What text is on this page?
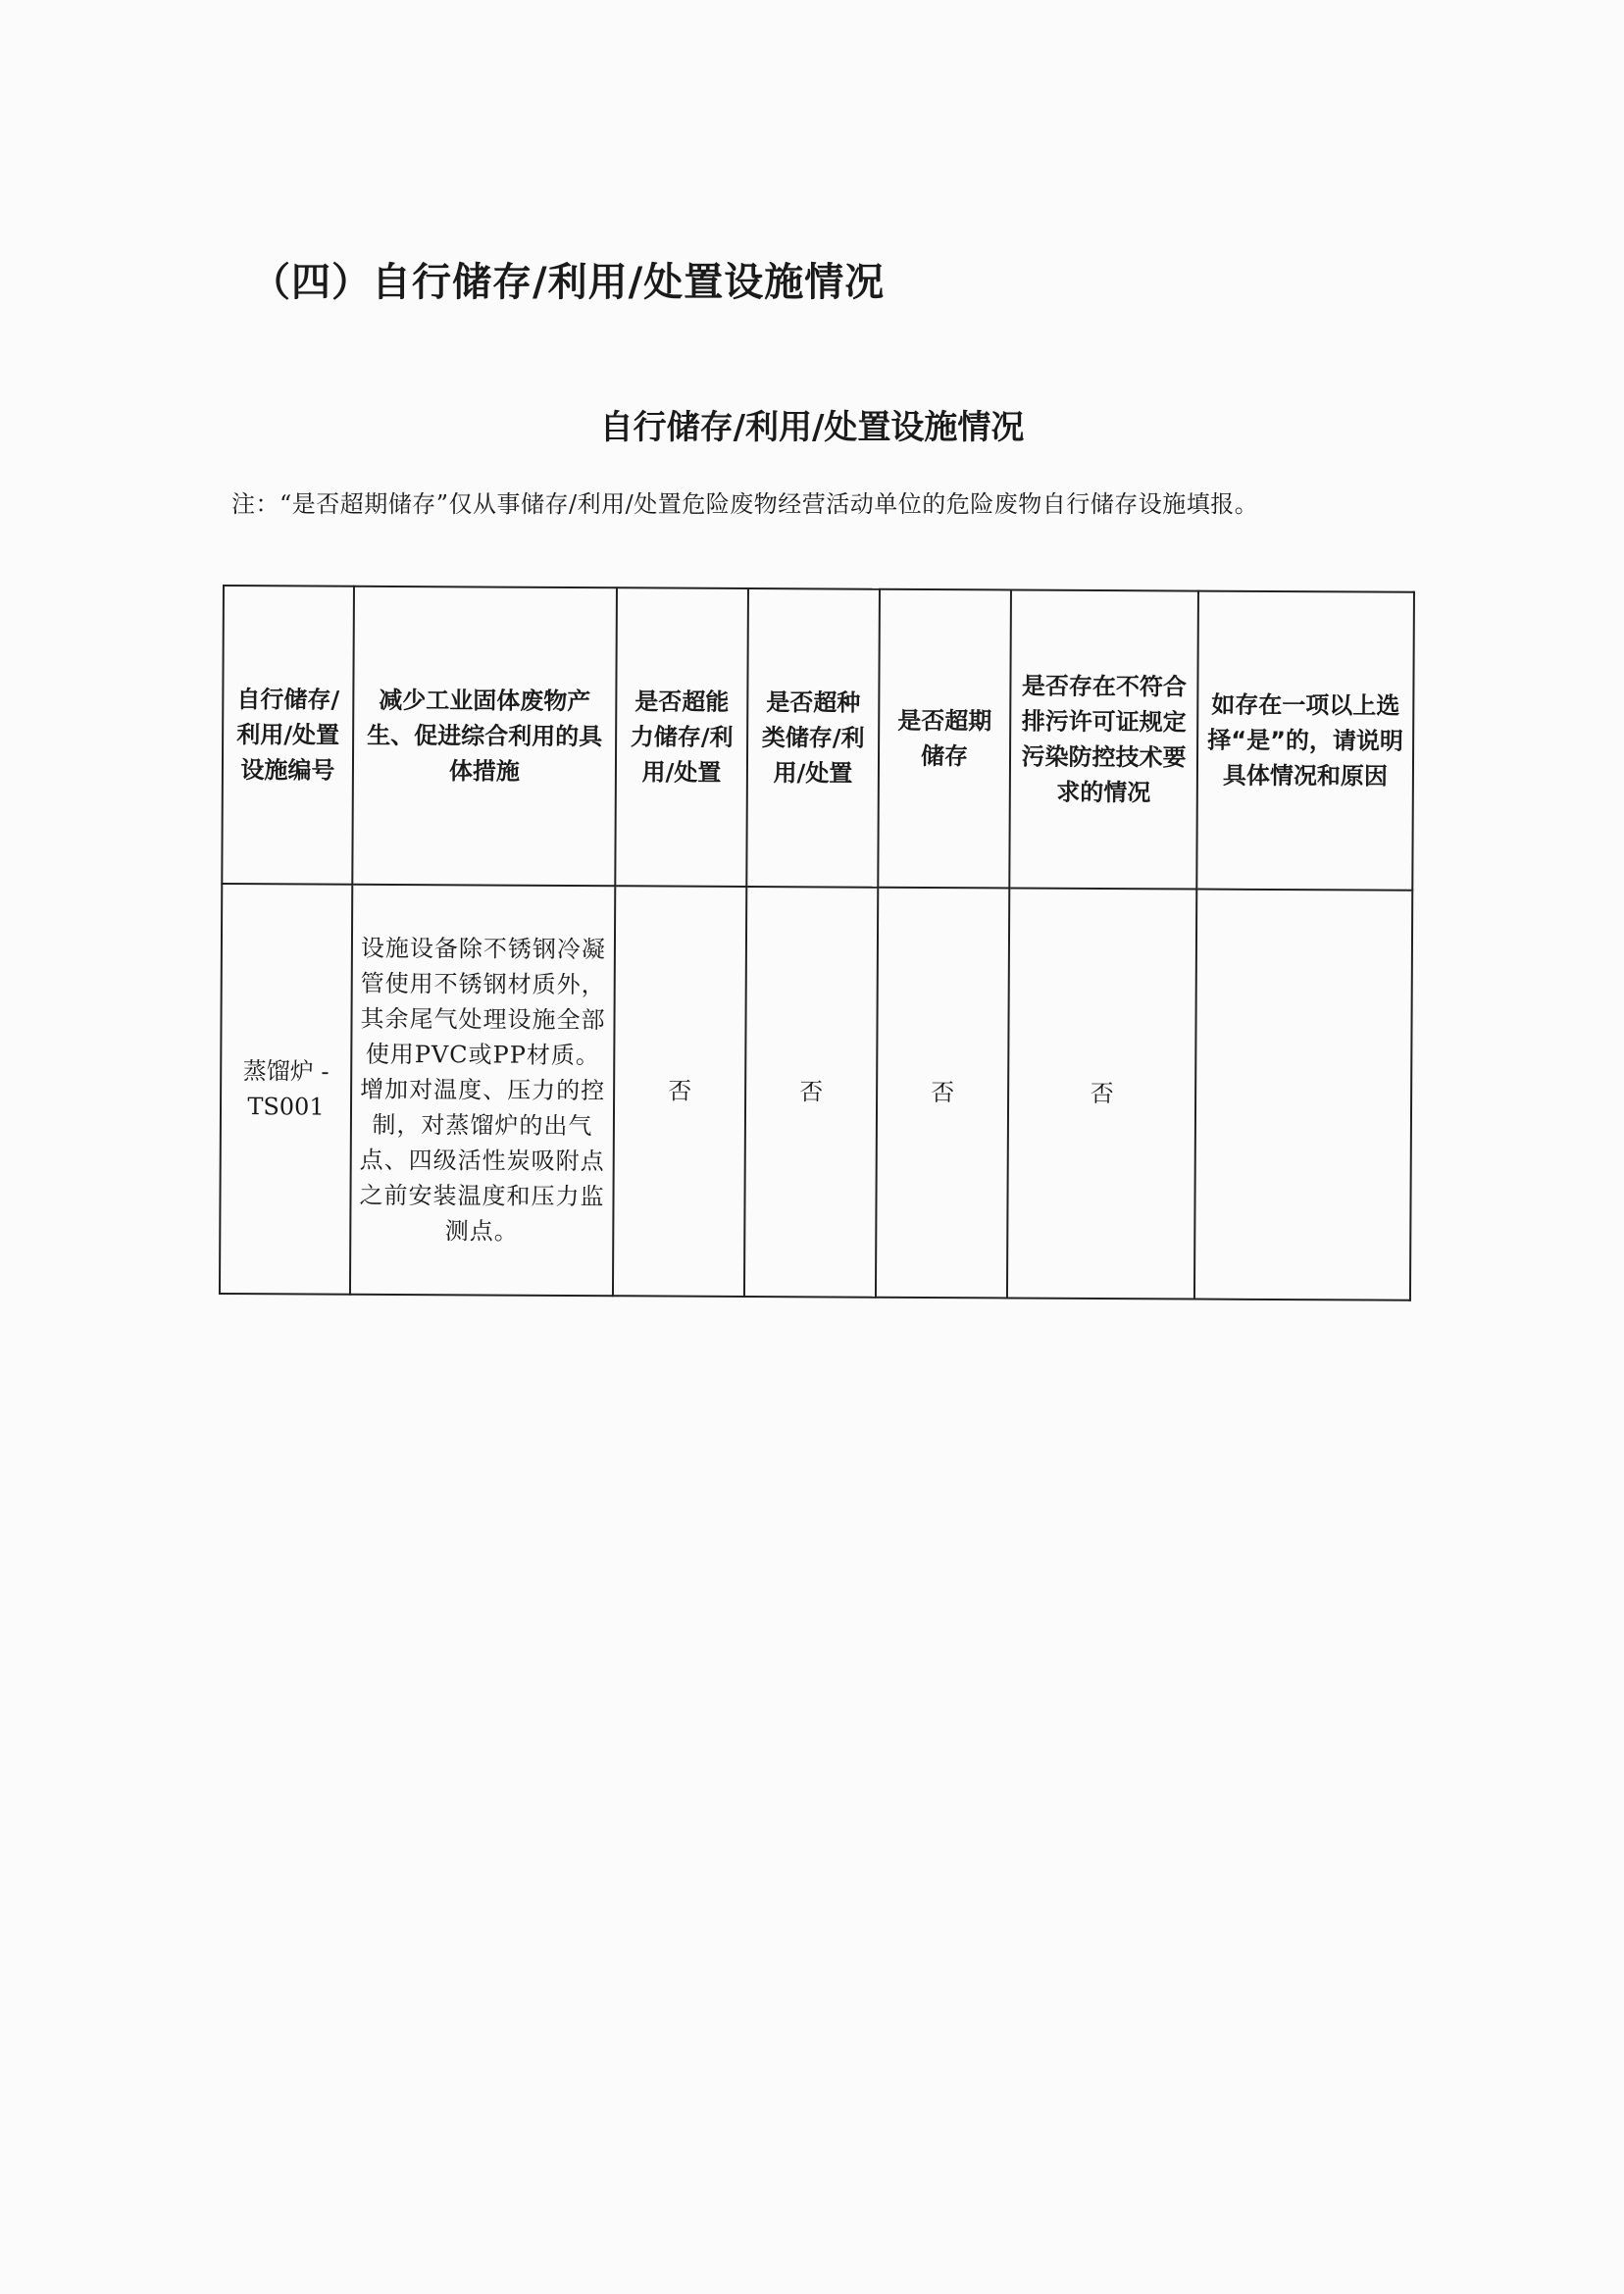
（四）自行储存/利用/处置设施情况
自行储存/利用/处置设施情况
注：“是否超期储存”仅从事储存/利用/处置危险废物经营活动单位的危险废物自行储存设施填报。
自行储存/利用/处置设施编号	减少工业固体废物产生、促进综合利用的具体措施	是否超能力储存/利用/处置	是否超种类储存/利用/处置	是否超期储存	是否存在不符合排污许可证规定污染防控技术要求的情况	如存在一项以上选择“是”的，请说明具体情况和原因
蒸馏炉 -TS001	设施设备除不锈钢冷凝管使用不锈钢材质外，其余尾气处理设施全部使用PVC或PP材质。增加对温度、压力的控制，对蒸馏炉的出气点、四级活性炭吸附点之前安装温度和压力监测点。	否	否	否	否	
